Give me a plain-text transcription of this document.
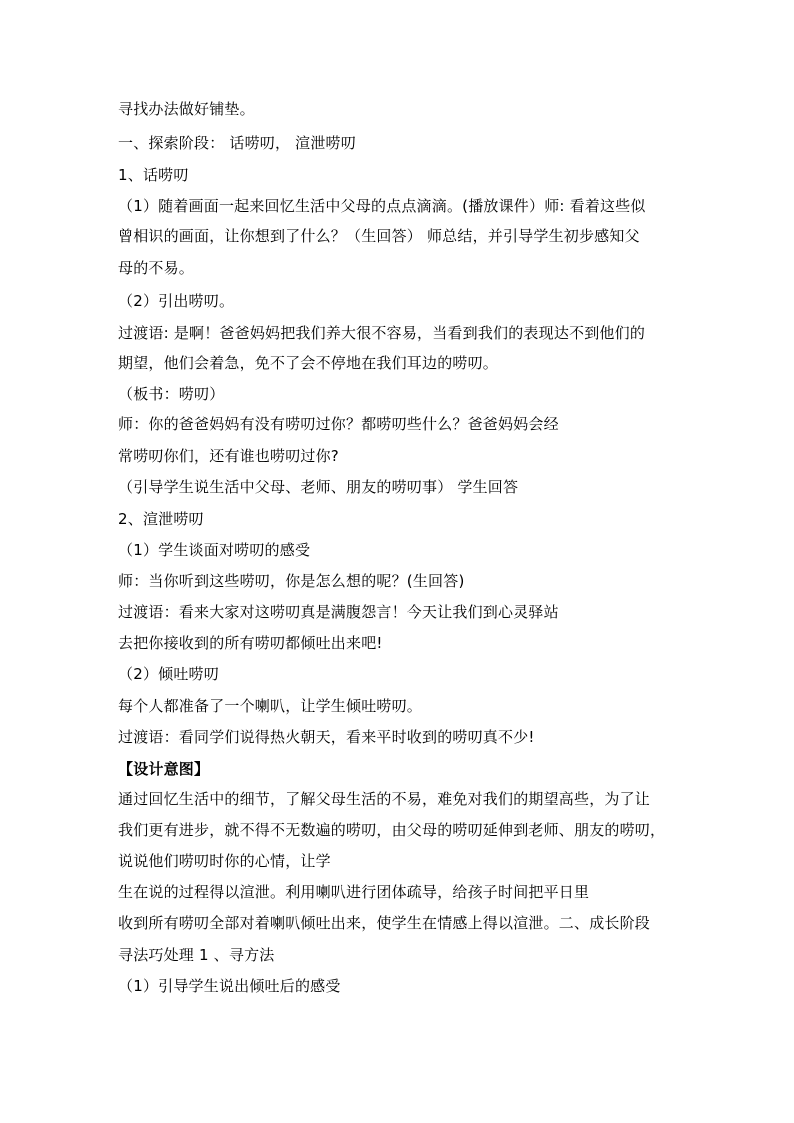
寻找办法做好铺垫。
一、探索阶段： 话唠叨， 渲泄唠叨
1、话唠叨
（1）随着画面一起来回忆生活中父母的点点滴滴。(播放课件）师: 看着这些似
曾相识的画面，让你想到了什么？（生回答） 师总结，并引导学生初步感知父
母的不易。
（2）引出唠叨。
过渡语: 是啊！爸爸妈妈把我们养大很不容易，当看到我们的表现达不到他们的
期望，他们会着急，免不了会不停地在我们耳边的唠叨。
（板书：唠叨）
师：你的爸爸妈妈有没有唠叨过你？都唠叨些什么？爸爸妈妈会经
常唠叨你们，还有谁也唠叨过你?
（引导学生说生活中父母、老师、朋友的唠叨事） 学生回答
2、渲泄唠叨
（1）学生谈面对唠叨的感受
师：当你听到这些唠叨，你是怎么想的呢？(生回答)
过渡语：看来大家对这唠叨真是满腹怨言！今天让我们到心灵驿站
去把你接收到的所有唠叨都倾吐出来吧!
（2）倾吐唠叨
每个人都准备了一个喇叭，让学生倾吐唠叨。
过渡语：看同学们说得热火朝天，看来平时收到的唠叨真不少!
【设计意图】
通过回忆生活中的细节，了解父母生活的不易，难免对我们的期望高些，为了让
我们更有进步，就不得不无数遍的唠叨，由父母的唠叨延伸到老师、朋友的唠叨，
说说他们唠叨时你的心情，让学
生在说的过程得以渲泄。利用喇叭进行团体疏导，给孩子时间把平日里
收到所有唠叨全部对着喇叭倾吐出来，使学生在情感上得以渲泄。二、成长阶段
寻法巧处理 1 、寻方法
（1）引导学生说出倾吐后的感受
